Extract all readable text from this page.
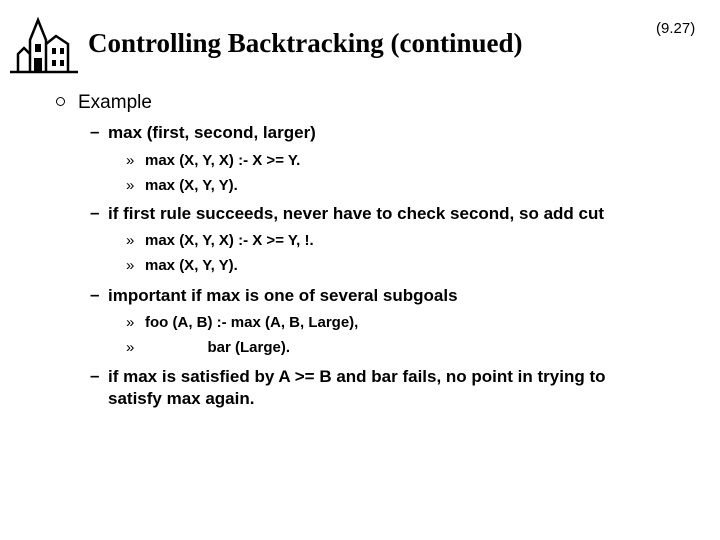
Controlling Backtracking (continued)	(9.27)
Example
– max (first, second, larger)
» max (X, Y, X) :- X >= Y.
» max (X, Y, Y).
– if first rule succeeds, never have to check second, so add cut
» max (X, Y, X) :- X >= Y, !.
» max (X, Y, Y).
– important if max is one of several subgoals
» foo (A, B) :- max (A, B, Large),
» bar (Large).
– if max is satisfied by A >= B and bar fails, no point in trying to
satisfy max again.
